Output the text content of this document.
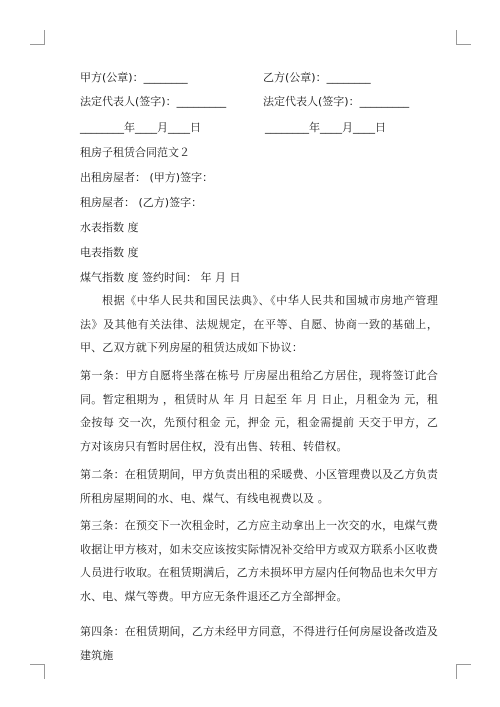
甲方(公章)：________	乙方(公章)：________
法定代表人(签字)：_________	法定代表人(签字)：_________
________年____月____日	________年____月____日
租房子租赁合同范文２
出租房屋者： (甲方)签字：
租房屋者： (乙方)签字：
水表指数 度
电表指数 度
煤气指数 度 签约时间： 年 月 日
根据《中华人民共和国民法典》、《中华人民共和国城市房地产管理法》及其他有关法律、法规规定，在平等、自愿、协商一致的基础上，甲、乙双方就下列房屋的租赁达成如下协议：
第一条：甲方自愿将坐落在栋号 厅房屋出租给乙方居住，现将签订此合同。暂定租期为 ，租赁时从 年 月 日起至 年 月 日止，月租金为 元，租金按每 交一次，先预付租金 元，押金 元，租金需提前 天交于甲方，乙方对该房只有暂时居住权，没有出售、转租、转借权。
第二条：在租赁期间，甲方负责出租的采暖费、小区管理费以及乙方负责所租房屋期间的水、电、煤气、有线电视费以及 。
第三条：在预交下一次租金时，乙方应主动拿出上一次交的水，电煤气费收据让甲方核对，如未交应该按实际情况补交给甲方或双方联系小区收费人员进行收取。在租赁期满后，乙方未损坏甲方屋内任何物品也未欠甲方水、电、煤气等费。甲方应无条件退还乙方全部押金。
第四条：在租赁期间，乙方未经甲方同意，不得进行任何房屋设备改造及建筑施
